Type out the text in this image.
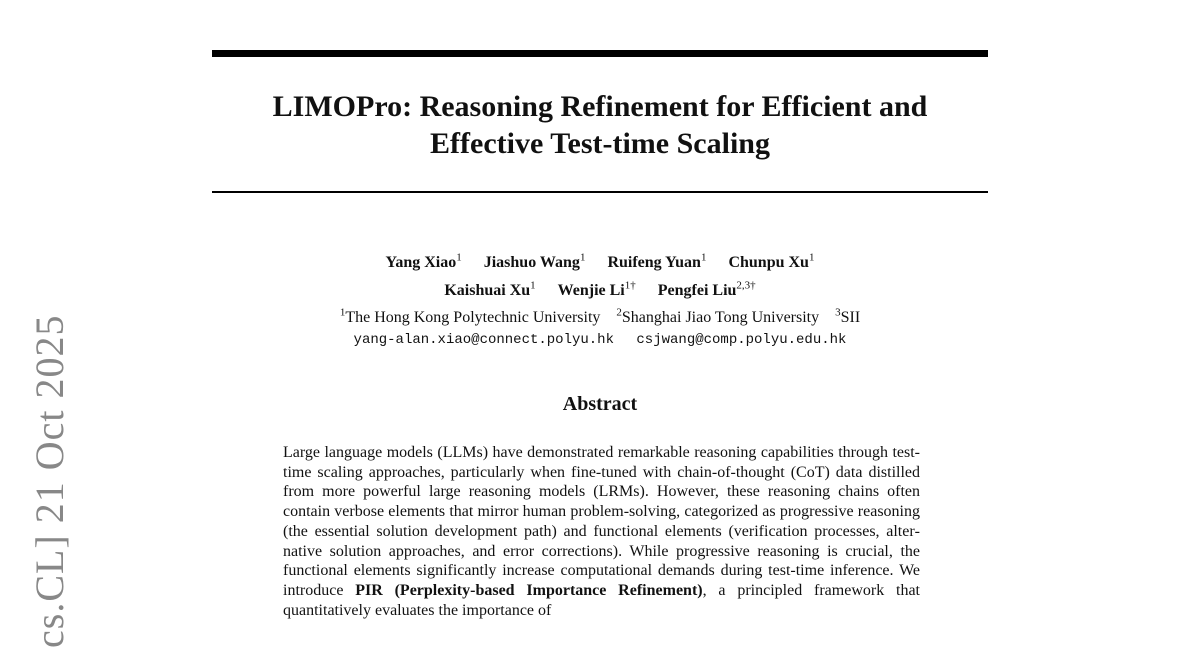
LIMOPro: Reasoning Refinement for Efficient and
Effective Test-time Scaling
Yang Xiao$^1$ Jiashuo Wang$^1$ Ruifeng Yuan$^1$ Chunpu Xu$^1$
Kaishuai Xu$^1$ Wenjie $Li^{1\dagger}$ Pengfei Liu$^{2,3\dagger}$
$^1$The Hong Kong Polytechnic University $^2$Shanghai Jiao Tong University $^3$SII
yang-alan.xiao@connect.polyu.hk csjwang@comp.polyu.edu.hk
Abstract

Large language models (LLMs) have demonstrated remarkable reasoning capabilities through test-time scaling approaches, particularly when fine-tuned with chain-of-thought (CoT) data distilled from more powerful large reasoning models (LRMs). However, these reasoning chains often contain verbose elements that mirror human problem-solving, categorized as progressive reasoning (the essential solution development path) and functional elements (verification processes, alternative solution approaches, and error corrections). While progressive reasoning is crucial, the functional elements significantly increase computational demands during test-time inference. We introduce PIR (Perplexity-based Importance Refinement), a principled framework that quantitatively evaluates the importance of

cs.CL] 21 Oct 2025
